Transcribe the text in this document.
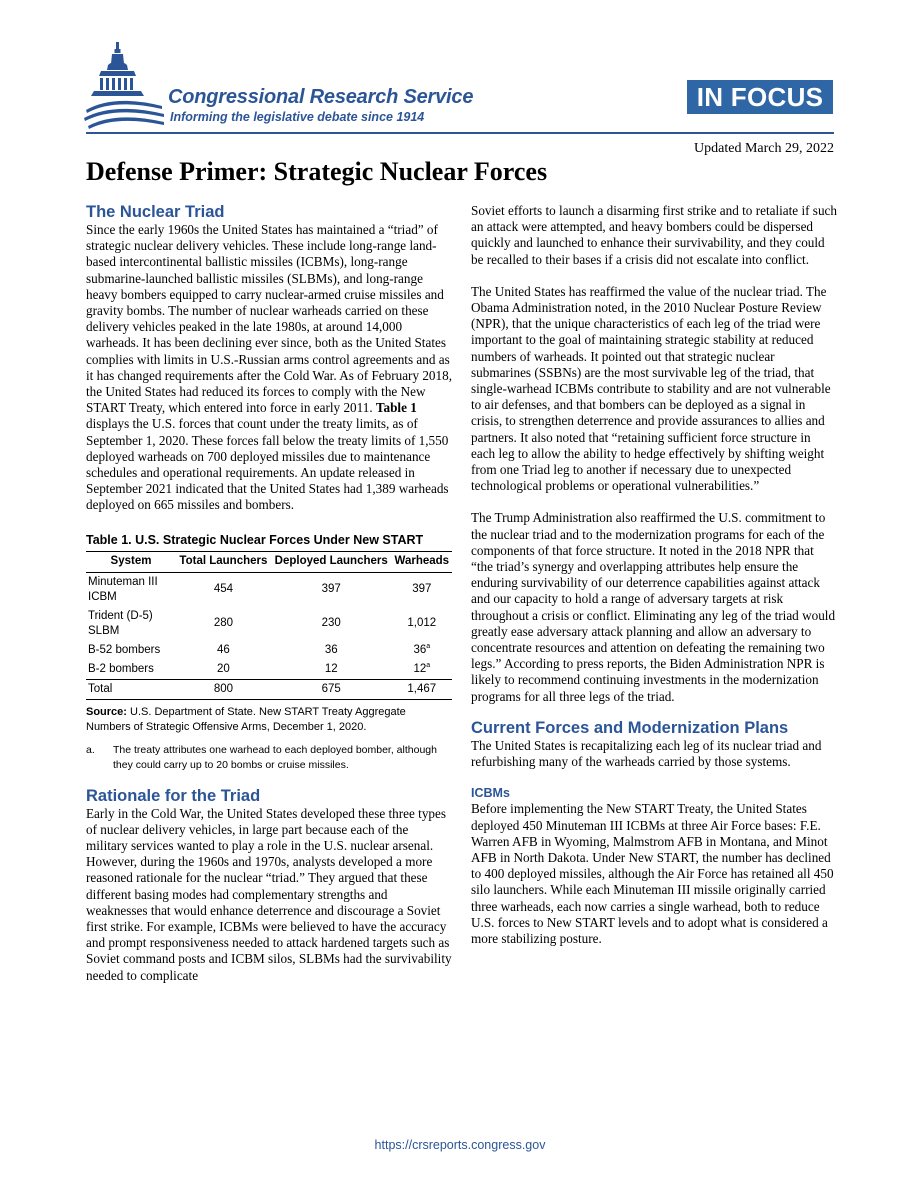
Congressional Research Service
Informing the legislative debate since 1914
IN FOCUS
Updated March 29, 2022
Defense Primer: Strategic Nuclear Forces
The Nuclear Triad

Since the early 1960s the United States has maintained a “triad” of strategic nuclear delivery vehicles. These include long-range land-based intercontinental ballistic missiles (ICBMs), long-range submarine-launched ballistic missiles (SLBMs), and long-range heavy bombers equipped to carry nuclear-armed cruise missiles and gravity bombs. The number of nuclear warheads carried on these delivery vehicles peaked in the late 1980s, at around 14,000 warheads. It has been declining ever since, both as the United States complies with limits in U.S.-Russian arms control agreements and as it has changed requirements after the Cold War. As of February 2018, the United States had reduced its forces to comply with the New START Treaty, which entered into force in early 2011. Table 1 displays the U.S. forces that count under the treaty limits, as of September 1, 2020. These forces fall below the treaty limits of 1,550 deployed warheads on 700 deployed missiles due to maintenance schedules and operational requirements. An update released in September 2021 indicated that the United States had 1,389 warheads deployed on 665 missiles and bombers.

Table 1. U.S. Strategic Nuclear Forces Under New START
System	Total Launchers	Deployed Launchers	Warheads
Minuteman III ICBM	454	397	397
Trident (D-5) SLBM	280	230	1,012
B-52 bombers	46	36	36$^a$
B-2 bombers	20	12	12$^a$
Total	800	675	1,467
Source: U.S. Department of State. New START Treaty Aggregate Numbers of Strategic Offensive Arms, December 1, 2020.
a.	The treaty attributes one warhead to each deployed bomber, although they could carry up to 20 bombs or cruise missiles.
Rationale for the Triad

Early in the Cold War, the United States developed these three types of nuclear delivery vehicles, in large part because each of the military services wanted to play a role in the U.S. nuclear arsenal. However, during the 1960s and 1970s, analysts developed a more reasoned rationale for the nuclear “triad.” They argued that these different basing modes had complementary strengths and weaknesses that would enhance deterrence and discourage a Soviet first strike. For example, ICBMs were believed to have the accuracy and prompt responsiveness needed to attack hardened targets such as Soviet command posts and ICBM silos, SLBMs had the survivability needed to complicate

Soviet efforts to launch a disarming first strike and to retaliate if such an attack were attempted, and heavy bombers could be dispersed quickly and launched to enhance their survivability, and they could be recalled to their bases if a crisis did not escalate into conflict.

The United States has reaffirmed the value of the nuclear triad. The Obama Administration noted, in the 2010 Nuclear Posture Review (NPR), that the unique characteristics of each leg of the triad were important to the goal of maintaining strategic stability at reduced numbers of warheads. It pointed out that strategic nuclear submarines (SSBNs) are the most survivable leg of the triad, that single-warhead ICBMs contribute to stability and are not vulnerable to air defenses, and that bombers can be deployed as a signal in crisis, to strengthen deterrence and provide assurances to allies and partners. It also noted that “retaining sufficient force structure in each leg to allow the ability to hedge effectively by shifting weight from one Triad leg to another if necessary due to unexpected technological problems or operational vulnerabilities.”

The Trump Administration also reaffirmed the U.S. commitment to the nuclear triad and to the modernization programs for each of the components of that force structure. It noted in the 2018 NPR that “the triad’s synergy and overlapping attributes help ensure the enduring survivability of our deterrence capabilities against attack and our capacity to hold a range of adversary targets at risk throughout a crisis or conflict. Eliminating any leg of the triad would greatly ease adversary attack planning and allow an adversary to concentrate resources and attention on defeating the remaining two legs.” According to press reports, the Biden Administration NPR is likely to recommend continuing investments in the modernization programs for all three legs of the triad.

Current Forces and Modernization Plans

The United States is recapitalizing each leg of its nuclear triad and refurbishing many of the warheads carried by those systems.

ICBMs

Before implementing the New START Treaty, the United States deployed 450 Minuteman III ICBMs at three Air Force bases: F.E. Warren AFB in Wyoming, Malmstrom AFB in Montana, and Minot AFB in North Dakota. Under New START, the number has declined to 400 deployed missiles, although the Air Force has retained all 450 silo launchers. While each Minuteman III missile originally carried three warheads, each now carries a single warhead, both to reduce U.S. forces to New START levels and to adopt what is considered a more stabilizing posture.

https://crsreports.congress.gov
